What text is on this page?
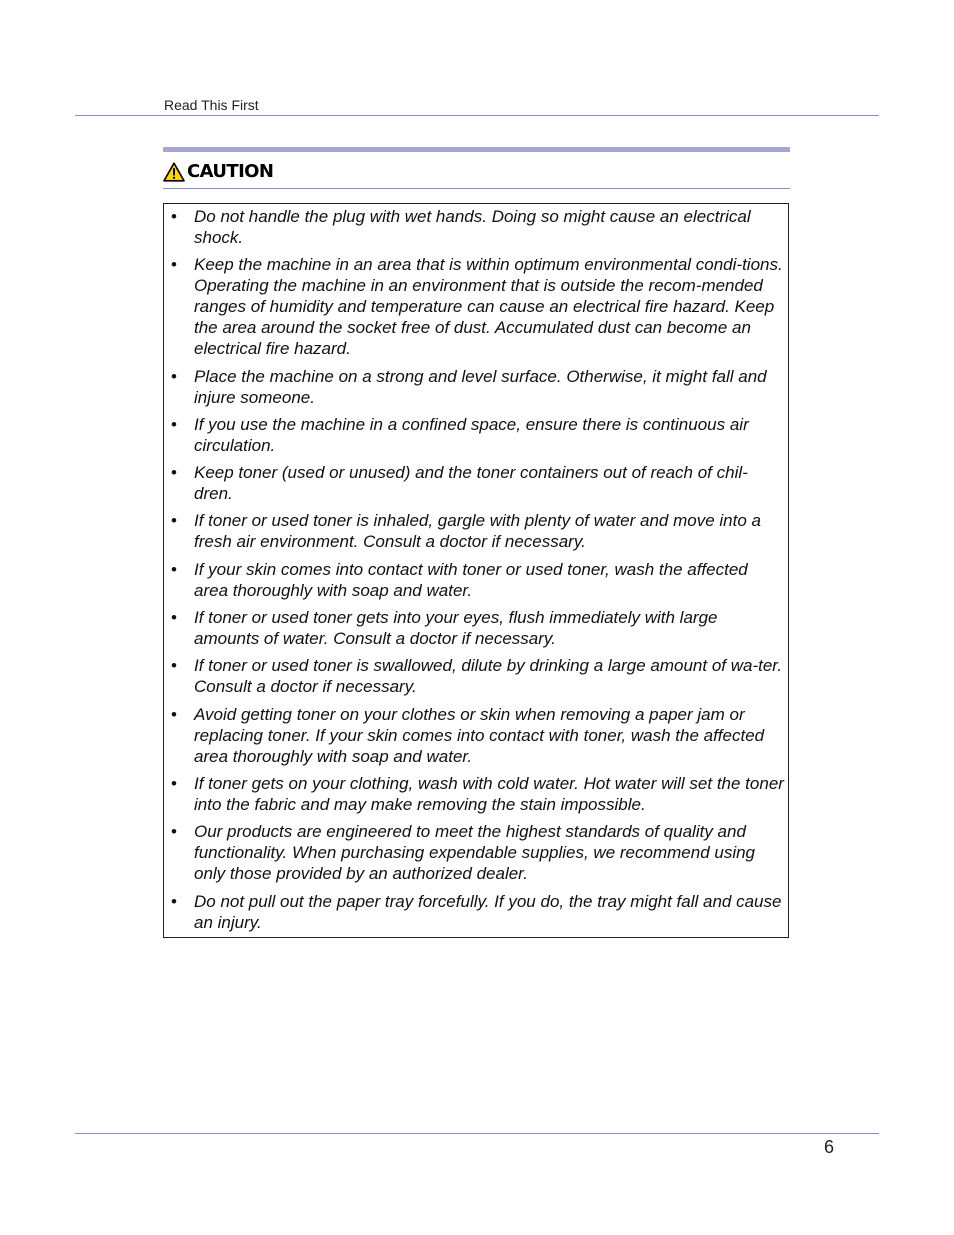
Read This First
CAUTION
• Do not handle the plug with wet hands. Doing so might cause an electrical shock.
• Keep the machine in an area that is within optimum environmental condi-tions. Operating the machine in an environment that is outside the recom-mended ranges of humidity and temperature can cause an electrical fire hazard. Keep the area around the socket free of dust. Accumulated dust can become an electrical fire hazard.
• Place the machine on a strong and level surface. Otherwise, it might fall and injure someone.
• If you use the machine in a confined space, ensure there is continuous air circulation.
• Keep toner (used or unused) and the toner containers out of reach of chil-dren.
• If toner or used toner is inhaled, gargle with plenty of water and move into a fresh air environment. Consult a doctor if necessary.
• If your skin comes into contact with toner or used toner, wash the affected area thoroughly with soap and water.
• If toner or used toner gets into your eyes, flush immediately with large amounts of water. Consult a doctor if necessary.
• If toner or used toner is swallowed, dilute by drinking a large amount of wa-ter. Consult a doctor if necessary.
• Avoid getting toner on your clothes or skin when removing a paper jam or replacing toner. If your skin comes into contact with toner, wash the affected area thoroughly with soap and water.
• If toner gets on your clothing, wash with cold water. Hot water will set the toner into the fabric and may make removing the stain impossible.
• Our products are engineered to meet the highest standards of quality and functionality. When purchasing expendable supplies, we recommend using only those provided by an authorized dealer.
• Do not pull out the paper tray forcefully. If you do, the tray might fall and cause an injury.
6
